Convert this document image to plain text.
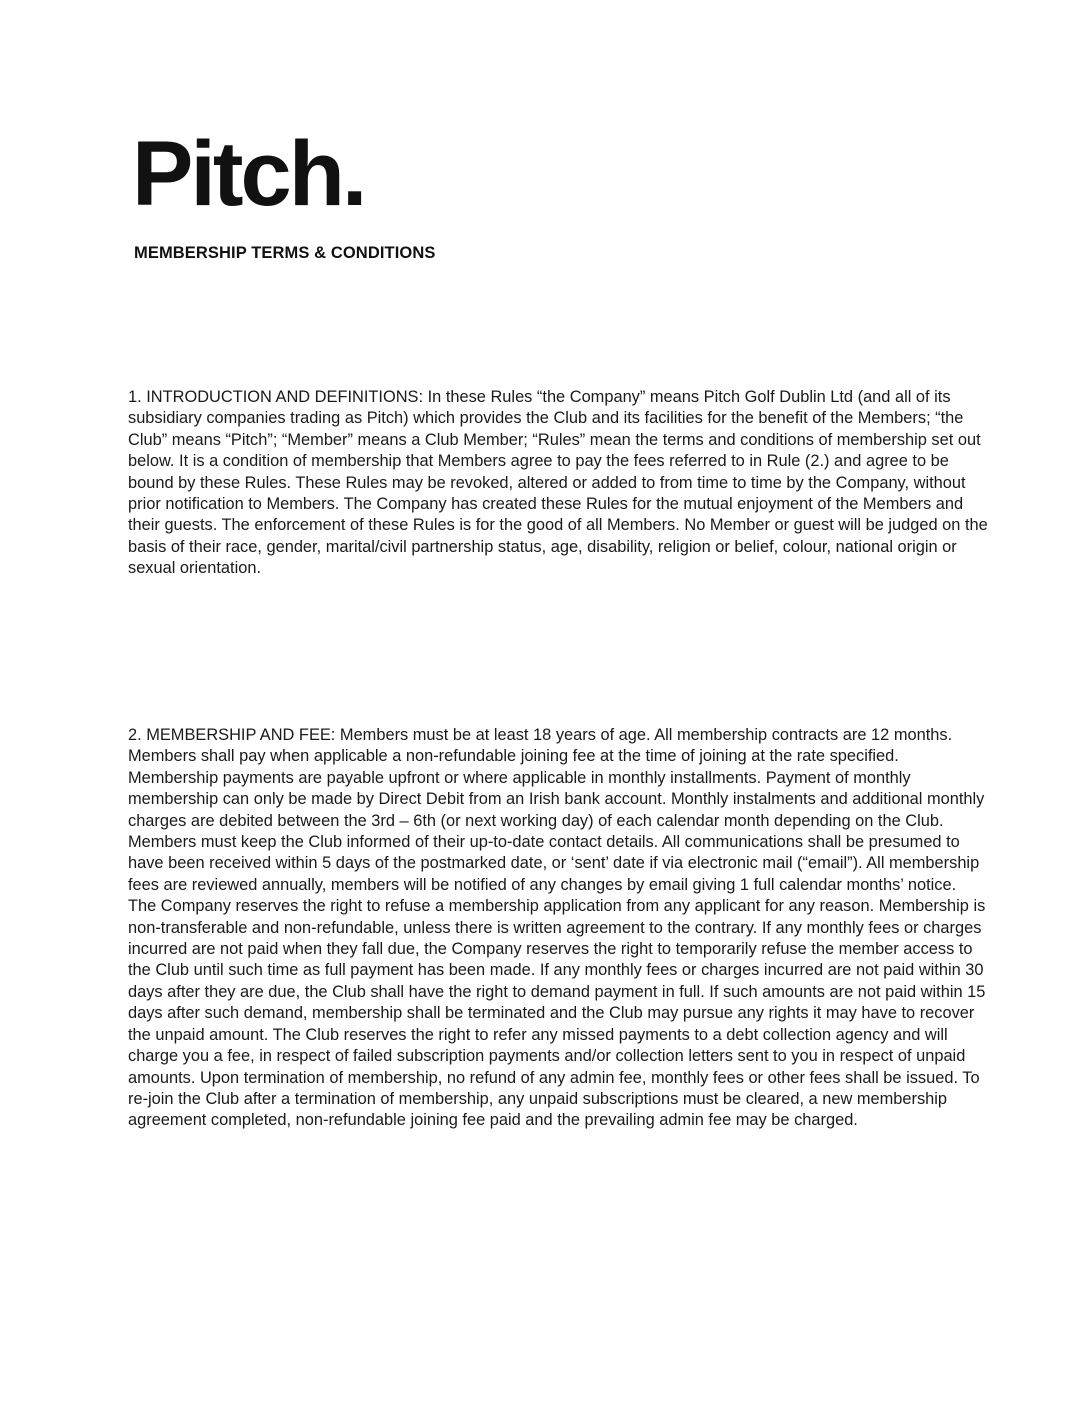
Pitch.
MEMBERSHIP TERMS & CONDITIONS

1. INTRODUCTION AND DEFINITIONS: In these Rules “the Company” means Pitch Golf Dublin Ltd (and all of its subsidiary companies trading as Pitch) which provides the Club and its facilities for the benefit of the Members; “the Club” means “Pitch”; “Member” means a Club Member; “Rules” mean the terms and conditions of membership set out below. It is a condition of membership that Members agree to pay the fees referred to in Rule (2.) and agree to be bound by these Rules. These Rules may be revoked, altered or added to from time to time by the Company, without prior notification to Members. The Company has created these Rules for the mutual enjoyment of the Members and their guests. The enforcement of these Rules is for the good of all Members. No Member or guest will be judged on the basis of their race, gender, marital/civil partnership status, age, disability, religion or belief, colour, national origin or sexual orientation.

2. MEMBERSHIP AND FEE: Members must be at least 18 years of age. All membership contracts are 12 months. Members shall pay when applicable a non-refundable joining fee at the time of joining at the rate specified. Membership payments are payable upfront or where applicable in monthly installments. Payment of monthly membership can only be made by Direct Debit from an Irish bank account. Monthly instalments and additional monthly charges are debited between the 3rd – 6th (or next working day) of each calendar month depending on the Club. Members must keep the Club informed of their up-to-date contact details. All communications shall be presumed to have been received within 5 days of the postmarked date, or ‘sent’ date if via electronic mail (“email”). All membership fees are reviewed annually, members will be notified of any changes by email giving 1 full calendar months’ notice. The Company reserves the right to refuse a membership application from any applicant for any reason. Membership is non-transferable and non-refundable, unless there is written agreement to the contrary. If any monthly fees or charges incurred are not paid when they fall due, the Company reserves the right to temporarily refuse the member access to the Club until such time as full payment has been made. If any monthly fees or charges incurred are not paid within 30 days after they are due, the Club shall have the right to demand payment in full. If such amounts are not paid within 15 days after such demand, membership shall be terminated and the Club may pursue any rights it may have to recover the unpaid amount. The Club reserves the right to refer any missed payments to a debt collection agency and will charge you a fee, in respect of failed subscription payments and/or collection letters sent to you in respect of unpaid amounts. Upon termination of membership, no refund of any admin fee, monthly fees or other fees shall be issued. To re-join the Club after a termination of membership, any unpaid subscriptions must be cleared, a new membership agreement completed, non-refundable joining fee paid and the prevailing admin fee may be charged.
